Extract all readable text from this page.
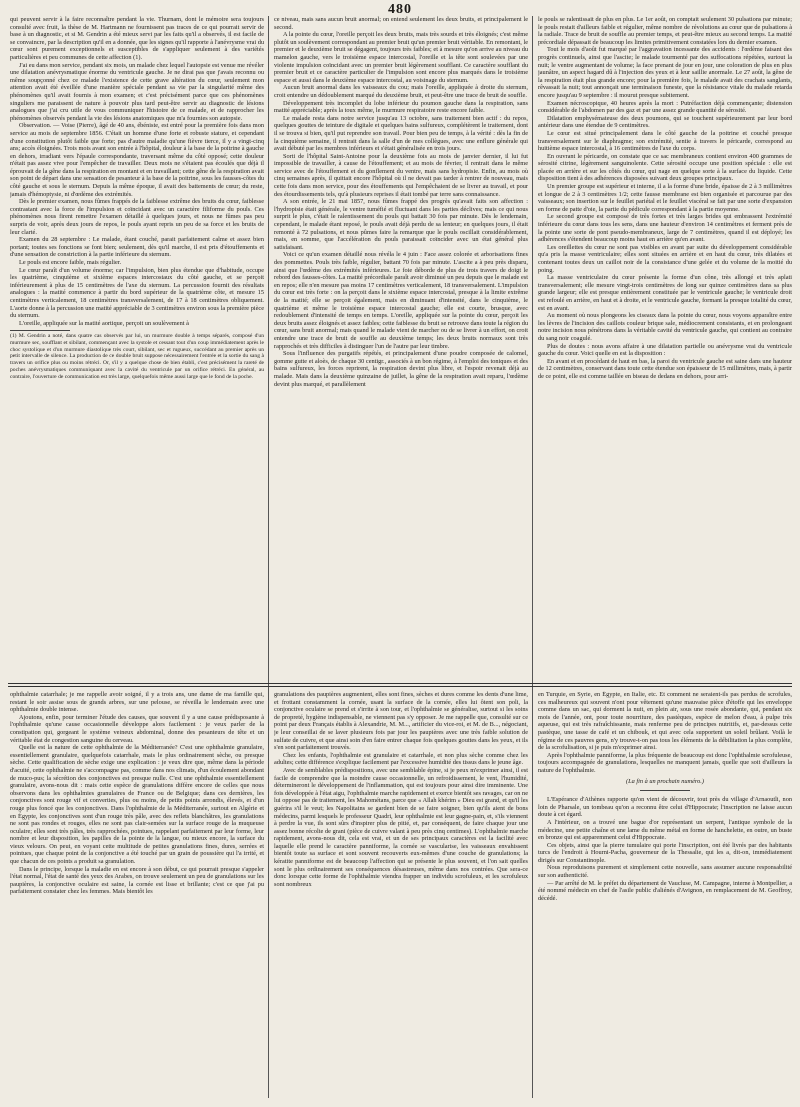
480

qui peuvent servir à la faire reconnaître pendant la vie. Thurnam, dont le mémoire sera toujours consulté avec fruit, la thèse de M. Hartmann ne fournissent pas traces de ce qui pourrait servir de base à un diagnostic, et si M. Gendrin a été mieux servi par les faits qu'il a observés, il est facile de se convaincre, par la description qu'il en a donnée, que les signes qu'il rapporte à l'anévrysme vrai du cœur sont purement exceptionnels et susceptibles de s'appliquer seulement à des variétés particulières et peu communes de cette affection (1).

J'ai eu dans mon service, pendant six mois, un malade chez lequel l'autopsie est venue me révéler une dilatation anévrysmatique énorme du ventricule gauche. Je ne dirai pas que j'avais reconnu ou même soupçonné chez ce malade l'existence de cette grave altération du cœur, seulement mon attention avait été éveillée d'une manière spéciale pendant sa vie par la singularité même des phénomènes qu'il avait fournis à mon examen; et c'est précisément parce que ces phénomènes singuliers me paraissent de nature à pouvoir plus tard peut-être servir au diagnostic de lésions analogues que j'ai cru utile de vous communiquer l'histoire de ce malade, et de rapprocher les phénomènes observés pendant la vie des lésions anatomiques que m'a fournies son autopsie.

Observation. — Voise (Pierre), âgé de 40 ans, ébéniste, est entré pour la première fois dans mon service au mois de septembre 1856. C'était un homme d'une forte et robuste stature, et cependant d'une constitution plutôt faible que forte; pas d'autre maladie qu'une fièvre tierce, il y a vingt-cinq ans; accès éloignées. Trois mois avant son entrée à l'hôpital, douleur à la base de la poitrine à gauche en dehors, irradiant vers l'épaule correspondante, traversant même du côté opposé; cette douleur n'était pas assez vive pour l'empêcher de travailler. Deux mois ne s'étaient pas écoulés que déjà il éprouvait de la gêne dans la respiration en montant et en travaillant; cette gêne de la respiration avait son point de départ dans une sensation de pesanteur à la base de la poitrine, sous les fausses-côtes du côté gauche et sous le sternum. Depuis la même époque, il avait des battements de cœur; du reste, jamais d'hémoptysie, ni d'œdème des extrémités.

Dès le premier examen, nous fûmes frappés de la faiblesse extrême des bruits du cœur, faiblesse contrastant avec la force de l'impulsion et coïncidant avec un caractère filiforme du pouls. Ces phénomènes nous firent remettre l'examen détaillé à quelques jours, et nous ne fûmes pas peu surpris de voir, après deux jours de repos, le pouls ayant repris un peu de sa force et les bruits de leur clarté.

Examen du 28 septembre : Le malade, étant couché, parait parfaitement calme et assez bien portant; toutes ses fonctions se font bien; seulement, dès qu'il marche, il est pris d'étouffements et d'une sensation de constriction à la partie inférieure du sternum.

Le pouls est encore faible, mais régulier.

Le cœur paraît d'un volume énorme; car l'impulsion, bien plus étendue que d'habitude, occupe les quatrième, cinquième et sixième espaces intercostaux du côté gauche, et se perçoit inférieurement à plus de 15 centimètres de l'axe du sternum. La percussion fournit des résultats analogues : la matité commence à partir du bord supérieur de la quatrième côte, et mesure 15 centimètres verticalement, 18 centimètres transversalement, de 17 à 18 centimètres obliquement. L'aorte donne à la percussion une matité appréciable de 3 centimètres environ sous la première pièce du sternum.

L'oreille, appliquée sur la matité aortique, perçoit un soulèvement à

(1) M. Gendrin a noté, dans quatre cas observés par lui, un murmure double à temps séparés, composé d'un murmure sec, soufflant et sibilant, commençant avec la systole et cessant tout d'un coup immédiatement après le choc systolique et d'un murmure diastolique très court, sibilant, sec et rugueux, succédant au premier après un petit intervalle de silence. La production de ce double bruit suppose nécessairement l'entrée et la sortie du sang à travers un orifice plus ou moins rétréci. Or, s'il y a quelque chose de bien établi, c'est précisément la rareté de poches anévrysmatiques communiquant avec la cavité du ventricule par un orifice rétréci. En général, au contraire, l'ouverture de communication est très large, quelquefois même aussi large que le fond de la poche.

ce niveau, mais sans aucun bruit anormal; on entend seulement les deux bruits, et principalement le second.

A la pointe du cœur, l'oreille perçoit les deux bruits, mais très sourds et très éloignés; c'est même plutôt un soulèvement correspondant au premier bruit qu'un premier bruit véritable. En remontant, le premier et le deuxième bruit se dégagent, toujours très faibles; et à mesure qu'on arrive au niveau du mamelon gauche, vers le troisième espace intercostal, l'oreille et la tête sont soulevées par une violente impulsion coïncidant avec un premier bruit légèrement soufflant. Ce caractère soufflant du premier bruit et ce caractère particulier de l'impulsion sont encore plus marqués dans le troisième espace et aussi dans le deuxième espace intercostal, au voisinage du sternum.

Aucun bruit anormal dans les vaisseaux du cou; mais l'oreille, appliquée à droite du sternum, croit entendre un dédoublement marqué du deuxième bruit, et peut-être une trace de bruit de souffle.

Développement très incomplet du lobe inférieur du poumon gauche dans la respiration, sans matité appréciable; après la toux même, le murmure respiratoire reste encore faible.

Le malade resta dans notre service jusqu'au 13 octobre, sans traitement bien actif : du repos, quelques gouttes de teinture de digitale et quelques bains sulfureux, complétèrent le traitement, dont il se trouva si bien, qu'il put reprendre son travail. Pour bien peu de temps, à la vérité : dès la fin de la cinquième semaine, il rentrait dans la salle d'un de mes collègues, avec une enflure générale qui avait débuté par les membres inférieurs et s'était généralisée en trois jours.

Sorti de l'hôpital Saint-Antoine pour la deuxième fois au mois de janvier dernier, il lui fut impossible de travailler, à cause de l'étouffement; et au mois de février, il rentrait dans le même service avec de l'étouffement et du gonflement du ventre, mais sans hydropisie. Enfin, au mois où cinq semaines après, il quittait encore l'hôpital où il ne devait pas tarder à rentrer de nouveau, mais cette fois dans mon service, pour des étouffements qui l'empêchaient de se livrer au travail, et pour des étourdissements tels, qu'à plusieurs reprises il était tombé par terre sans connaissance.

A son entrée, le 21 mai 1857, nous fûmes frappé des progrès qu'avait faits son affection : l'hydropisie était générale, le ventre tuméfié et fluctuant dans les parties déclives; mais ce qui nous surprit le plus, c'était le ralentissement du pouls qui battait 30 fois par minute. Dès le lendemain, cependant, le malade étant reposé, le pouls avait déjà perdu de sa lenteur; en quelques jours, il était remonté à 72 pulsations, et nous pûmes faire la remarque que le pouls oscillait considérablement, mais, en somme, que l'accélération du pouls paraissait coïncider avec un état général plus satisfaisant.

Voici ce qu'un examen détaillé nous révéla le 4 juin : Face assez colorée et arborisations fines des pommettes. Pouls très faible, régulier, battant 70 fois par minute. L'ascite a à peu près disparu, ainsi que l'œdème des extrémités inférieures. Le foie déborde de plus de trois travers de doigt le rebord des fausses-côtes. La matité précordiale paraît avoir diminué un peu depuis que le malade est en repos; elle n'en mesure pas moins 17 centimètres verticalement, 18 transversalement. L'impulsion du cœur est très forte : on la perçoit dans le sixième espace intercostal, presque à la limite extrême de la matité; elle se perçoit également, mais en diminuant d'intensité, dans le cinquième, le quatrième et même le troisième espace intercostal gauche; elle est courte, brusque, avec redoublement d'intensité de temps en temps. L'oreille, appliquée sur la pointe du cœur, perçoit les deux bruits assez éloignés et assez faibles; cette faiblesse du bruit se retrouve dans toute la région du cœur, sans bruit anormal; mais quand le malade vient de marcher ou de se livrer à un effort, on croit entendre une trace de bruit de souffle au deuxième temps; les deux bruits normaux sont très rapprochés et très difficiles à distinguer l'un de l'autre par leur timbre.

Sous l'influence des purgatifs répétés, et principalement d'une poudre composée de calomel, gomme gutte et aloès, de chaque 30 centigr., associés à un bon régime, à l'emploi des toniques et des bains sulfureux, les forces reprirent, la respiration devint plus libre, et l'espoir revenait déjà au malade. Mais dans la deuxième quinzaine de juillet, la gêne de la respiration avait reparu, l'œdème devint plus marqué, et parallèlement

le pouls se ralentissait de plus en plus. Le 1er août, on comptait seulement 30 pulsations par minute; le pouls restait d'ailleurs faible et régulier, même nombre de révolutions au cœur que de pulsations à la radiale. Trace de bruit de souffle au premier temps, et peut-être mieux au second temps. La matité précordiale dépassait de beaucoup les limites primitivement constatées lors du dernier examen.

Tout le mois d'août fut marqué par l'aggravation incessante des accidents : l'œdème faisant des progrès continuels, ainsi que l'ascite; le malade tourmenté par des suffocations répétées, surtout la nuit; le ventre augmentant de volume; la face prenant de jour en jour, une coloration de plus en plus jaunâtre, un aspect hagard dû à l'injection des yeux et à leur saillie anormale. Le 27 août, la gêne de la respiration était plus grande encore; pour la première fois, le malade avait des crachats sanglants, rêvassait la nuit; tout annonçait une terminaison funeste, que la résistance vitale du malade retarda encore jusqu'au 9 septembre : il mourut presque subitement.

Examen nécroscopique, 40 heures après la mort : Putréfaction déjà commençante; distension considérable de l'abdomen par des gaz et par une assez grande quantité de sérosité.

Dilatation emphysémateuse des deux poumons, qui se touchent supérieurement par leur bord antérieur dans une étendue de 9 centimètres.

Le cœur est situé principalement dans le côté gauche de la poitrine et couché presque transversalement sur le diaphragme; son extrémité, sentie à travers le péricarde, correspond au huitième espace intercostal, à 16 centimètres de l'axe du corps.

En ouvrant le péricarde, on constate que ce sac membraneux contient environ 400 grammes de sérosité citrine, légèrement sanguinolente. Cette sérosité occupe une position spéciale : elle est placée en arrière et sur les côtés du cœur, qui nage en quelque sorte à la surface du liquide. Cette disposition tient à des adhérences disposées suivant deux groupes principaux.

Un premier groupe est supérieur et interne, il a la forme d'une bride, épaisse de 2 à 3 millimètres et longue de 2 à 3 centimètres 1/2; cette fausse membrane est bien organisée et parcourue par des vaisseaux; son insertion sur le feuillet pariétal et le feuillet viscéral se fait par une sorte d'expansion en forme de patte d'oie, la partie du pédicule correspondant à la partie moyenne.

Le second groupe est composé de très fortes et très larges brides qui embrassent l'extrémité inférieure du cœur dans tous les sens, dans une hauteur d'environ 14 centimètres et ferment près de la pointe une sorte de pont pseudo-membraneux, large de 7 centimètres, quand il est déployé; les adhérences s'étendent beaucoup moins haut en arrière qu'en avant.

Les oreillettes du cœur ne sont pas visibles en avant par suite du développement considérable qu'a pris la masse ventriculaire; elles sont situées en arrière et en haut du cœur, très dilatées et contenant toutes deux un caillot noir de la consistance d'une gelée et du volume de la moitié du poing.

La masse ventriculaire du cœur présente la forme d'un cône, très allongé et très aplati transversalement; elle mesure vingt-trois centimètres de long sur quinze centimètres dans sa plus grande largeur; elle est presque entièrement constituée par le ventricule gauche; le ventricule droit est refoulé en arrière, en haut et à droite, et le ventricule gauche, formant la presque totalité du cœur, est en avant.

Au moment où nous plongeons les ciseaux dans la pointe du cœur, nous voyons apparaître entre les lèvres de l'incision des caillots couleur brique sale, médiocrement consistants, et en prolongeant notre incision nous pénétrons dans la véritable cavité du ventricule gauche, qui contient au contraire du sang noir coagulé.

Plus de doutes : nous avons affaire à une dilatation partielle ou anévrysme vrai du ventricule gauche du cœur. Voici quelle en est la disposition :

En avant et en procédant de haut en bas, la paroi du ventricule gauche est saine dans une hauteur de 12 centimètres, conservant dans toute cette étendue son épaisseur de 15 millimètres, mais, à partir de ce point, elle est comme taillée en biseau de dedans en dehors, pour arri-

ophthalmie catarrhale; je me rappelle avoir soigné, il y a trois ans, une dame de ma famille qui, restant le soir assise sous de grands arbres, sur une pelouse, se réveilla le lendemain avec une ophthalmie double intense.

Ajoutons, enfin, pour terminer l'étude des causes, que souvent il y a une cause prédisposante à l'ophthalmie qu'une cause occasionnelle développe alors facilement : je veux parler de la constipation qui, gorgeant le système veineux abdominal, donne des pesanteurs de tête et un véritable état de congestion sanguine du cerveau.

Quelle est la nature de cette ophthalmie de la Méditerranée? C'est une ophthalmie granulaire, essentiellement granulaire, quelquefois catarrhale, mais le plus ordinairement sèche, ou presque sèche. Cette qualification de sèche exige une explication : je veux dire que, même dans la période d'acuité, cette ophthalmie ne s'accompagne pas, comme dans nos climats, d'un écoulement abondant de muco-pus; la sécrétion des conjonctives est presque nulle. C'est une ophthalmie essentiellement granulaire, avons-nous dit : mais cette espèce de granulations diffère encore de celles que nous observons dans les ophthalmies granulaires de France ou de Belgique; dans ces dernières, les conjonctives sont rouge vif et converties, plus ou moins, de petits points arrondis, élevés, et d'un rouge plus foncé que les conjonctives. Dans l'ophthalmie de la Méditerranée, surtout en Algérie et en Égypte, les conjonctives sont d'un rouge très pâle, avec des reflets blanchâtres, les granulations ne sont pas rondes et rouges, elles ne sont pas clair-semées sur la surface rouge de la muqueuse oculaire; elles sont très pâles, très rapprochées, pointues, rappelant parfaitement par leur forme, leur nombre et leur disposition, les papilles de la pointe de la langue, ou mieux encore, la surface du vieux velours. On peut, en voyant cette multitude de petites granulations fines, dures, serrées et pointues, que chaque point de la conjonctive a été touché par un grain de poussière qui l'a irrité, et que chacun de ces points a produit sa granulation.

Dans le principe, lorsque la maladie en est encore à son début, ce qui pourrait presque s'appeler l'état normal, l'état de santé des yeux des Arabes, on trouve seulement un peu de granulations sur les paupières, la conjonctive oculaire est saine, la cornée est lisse et brillante; c'est ce que j'ai pu parfaitement constater chez les femmes. Mais bientôt les

granulations des paupières augmentent, elles sont fines, sèches et dures comme les dents d'une lime, et frottant constamment la cornée, usant la surface de la cornée, elles lui ôtent son poli, la conjonctive oculaire se prend et s'irrite à son tour, et l'ophthalmie se généralise, surtout si les soins de propreté, hygiène indispensable, ne viennent pas s'y opposer. Je me rappelle que, consulté sur ce point par deux Français établis à Alexandrie, M. M..., artificier du vice-roi, et M. de B..., négociant, je leur conseillai de se laver plusieurs fois par jour les paupières avec une très faible solution de sulfate de cuivre, et que ainsi soin d'en faire entrer chaque fois quelques gouttes dans les yeux, et ils s'en sont parfaitement trouvés.

Chez les enfants, l'ophthalmie est granulaire et catarrhale, et non plus sèche comme chez les adultes; cette différence s'explique facilement par l'excessive humidité des tissus dans le jeune âge.

Avec de semblables prédispositions, avec une semblable épine, si je peux m'exprimer ainsi, il est facile de comprendre que la moindre cause occasionnelle, un refroidissement, le vent, l'humidité, détermineront le développement de l'inflammation, qui est toujours pour ainsi dire imminente. Une fois développée à l'état aigu, l'ophthalmie marche rapidement et exerce bientôt ses ravages, car on ne lui oppose pas de traitement, les Mahométans, parce que « Allah khérim » Dieu est grand, et qu'il les guérira s'il le veut; les Napolitains se gardent bien de se faire soigner, bien qu'ils aient de bons médecins, parmi lesquels le professeur Quadri, leur ophthalmie est leur gagne-pain, et, s'ils viennent à perdre la vue, ils sont sûrs d'inspirer plus de pitié, et, par conséquent, de faire chaque jour une assez bonne récolte de grani (pièce de cuivre valant à peu près cinq centimes). L'ophthalmie marche rapidement, avons-nous dit, cela est vrai, et un de ses principaux caractères est la facilité avec laquelle elle prend le caractère panniforme, la cornée se vascularise, les vaisseaux envahissent bientôt toute sa surface et sont souvent recouverts eux-mêmes d'une couche de granulations; la kératite panniforme est de beaucoup l'affection qui se présente le plus souvent, et l'on sait quelles sont le plus ordinairement ses conséquences désastreuses, même dans nos contrées. Que sera-ce donc lorsque cette forme de l'ophthalmie viendra frapper un individu scrofuleux, et les scrofuleux sont nombreux

en Turquie, en Syrie, en Égypte, en Italie, etc. Et comment ne seraient-ils pas perdus de scrofules, ces malheureux qui souvent n'ont pour vêtement qu'une mauvaise pièce d'étoffe qui les enveloppe comme dans un sac, qui dorment la nuit, en plein air, sous une rosée abondante, qui, pendant six mois de l'année, ont, pour toute nourriture, des pastèques, espèce de melon d'eau, à pulpe très aqueuse, qui est très rafraîchissante, mais renferme peu de principes nutritifs, et, par-dessus cette pastèque, une tasse de café et un chibouk, et qui avec cela supportent un soleil brûlant. Voilà le régime de ces pauvres gens, n'y trouve-t-on pas tous les éléments de la débilitation la plus complète, de la scrofulisation, si je puis m'exprimer ainsi.

Après l'ophthalmie panniforme, la plus fréquente de beaucoup est donc l'ophthalmie scrofuleuse, toujours accompagnée de granulations, lesquelles ne manquent jamais, quelle que soit d'ailleurs la nature de l'ophthalmie.

(La fin à un prochain numéro.)

L'Espérance d'Athènes rapporte qu'on vient de découvrir, tout près du village d'Arnaoutli, non loin de Pharsale, un tombeau qu'on a reconnu être celui d'Hippocrate; l'inscription ne laisse aucun doute à cet égard.

A l'intérieur, on a trouvé une bague d'or représentant un serpent, l'antique symbole de la médecine, une petite chaîne et une lame du même métal en forme de hanchelette, en outre, un buste en bronze qui est apparemment celui d'Hippocrate.

Ces objets, ainsi que la pierre tumulaire qui porte l'inscription, ont été livrés par des habitants turcs de l'endroit à Hourni-Pacha, gouverneur de la Thessalie, qui les a, dit-on, immédiatement dirigés sur Constantinople.

Nous reproduisons purement et simplement cette nouvelle, sans assumer aucune responsabilité sur son authenticité.

— Par arrêté de M. le préfet du département de Vaucluse, M. Campagne, interne à Montpellier, a été nommé médecin en chef de l'asile public d'aliénés d'Avignon, en remplacement de M. Geoffroy, décédé.
